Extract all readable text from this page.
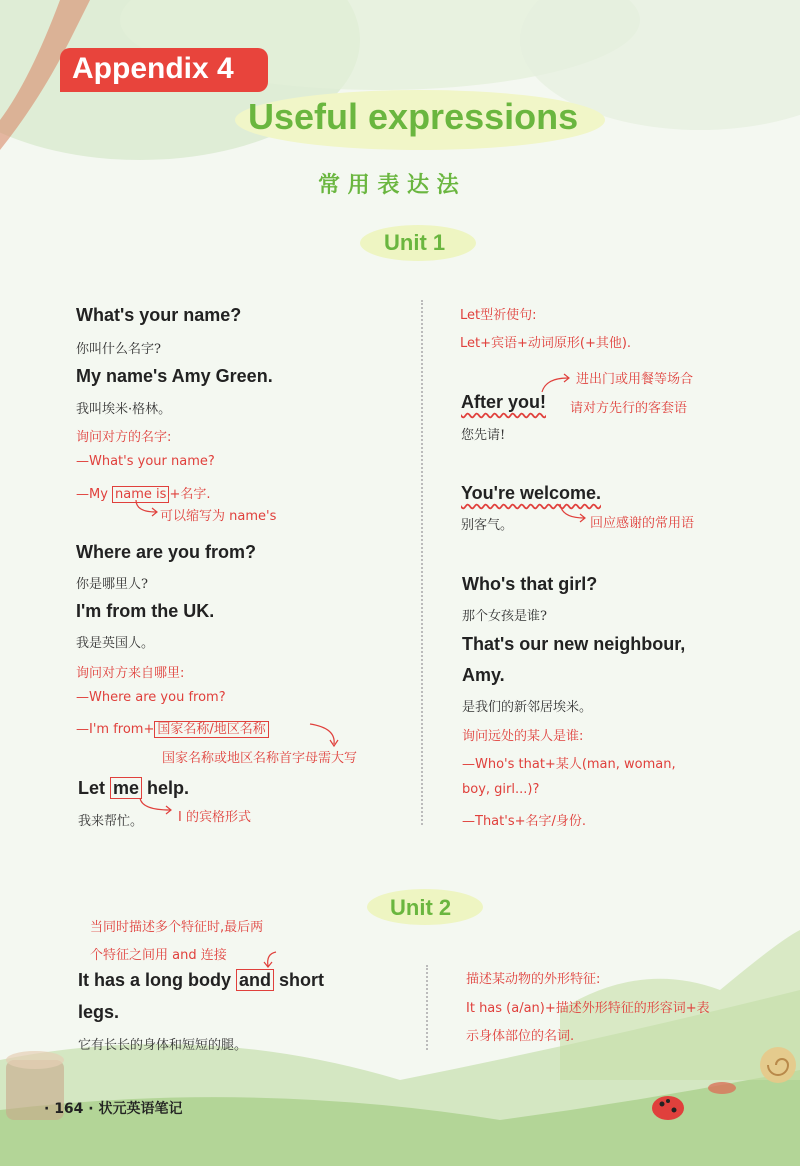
Appendix 4
Useful expressions
常 用 表 达 法
Unit 1
What's your name?
你叫什么名字?
My name's Amy Green.
我叫埃米·格林。
询问对方的名字:
—What's your name?
—My name is +名字.
可以缩写为 name's
Where are you from?
你是哪里人?
I'm from the UK.
我是英国人。
询问对方来自哪里:
—Where are you from?
—I'm from+ 国家名称/地区名称
国家名称或地区名称首字母需大写
Let me help.
我来帮忙。	I 的宾格形式
Let型祈使句:
Let+宾语+动词原形(+其他).
After you!
您先请!
进出门或用餐等场合
请对方先行的客套语
You're welcome.
别客气。	回应感谢的常用语
Who's that girl?
那个女孩是谁?
That's our new neighbour,
Amy.
是我们的新邻居埃米。
询问远处的某人是谁:
—Who's that+某人(man, woman,
boy, girl...)?
—That's+名字/身份.
Unit 2
当同时描述多个特征时,最后两
个特征之间用 and 连接
It has a long body and short
legs.
它有长长的身体和短短的腿。
描述某动物的外形特征:
It has (a/an)+描述外形特征的形容词+表
示身体部位的名词.
· 164 · 状元英语笔记
